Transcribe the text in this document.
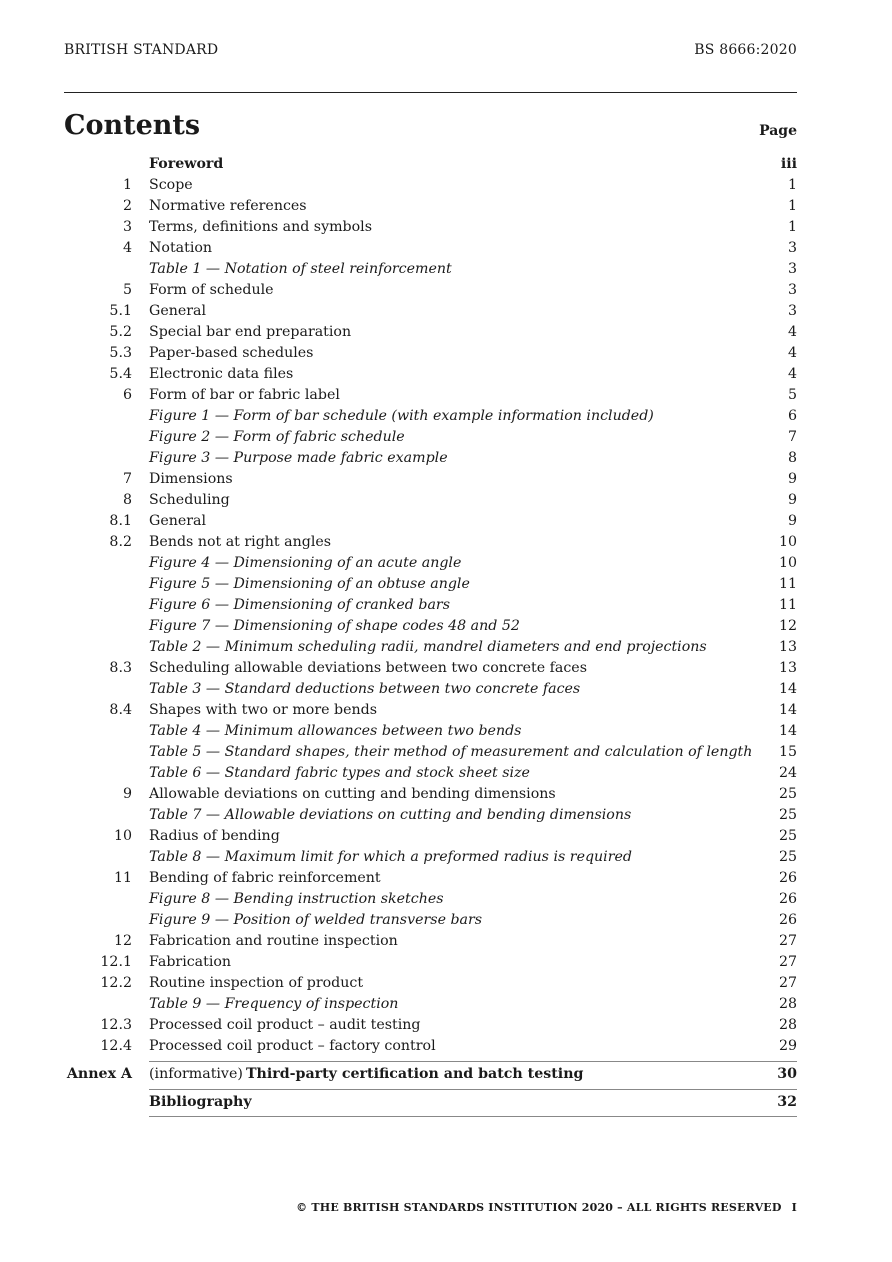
BRITISH STANDARD	BS 8666:2020
Contents	Page
Foreword	iii
1 Scope	1
2 Normative references	1
3 Terms, definitions and symbols	1
4 Notation	3
Table 1 — Notation of steel reinforcement	3
5 Form of schedule	3
5.1 General	3
5.2 Special bar end preparation	4
5.3 Paper-based schedules	4
5.4 Electronic data files	4
6 Form of bar or fabric label	5
Figure 1 — Form of bar schedule (with example information included)	6
Figure 2 — Form of fabric schedule	7
Figure 3 — Purpose made fabric example	8
7 Dimensions	9
8 Scheduling	9
8.1 General	9
8.2 Bends not at right angles	10
Figure 4 — Dimensioning of an acute angle	10
Figure 5 — Dimensioning of an obtuse angle	11
Figure 6 — Dimensioning of cranked bars	11
Figure 7 — Dimensioning of shape codes 48 and 52	12
Table 2 — Minimum scheduling radii, mandrel diameters and end projections	13
8.3 Scheduling allowable deviations between two concrete faces	13
Table 3 — Standard deductions between two concrete faces	14
8.4 Shapes with two or more bends	14
Table 4 — Minimum allowances between two bends	14
Table 5 — Standard shapes, their method of measurement and calculation of length 15
Table 6 — Standard fabric types and stock sheet size	24
9 Allowable deviations on cutting and bending dimensions	25
Table 7 — Allowable deviations on cutting and bending dimensions	25
10 Radius of bending	25
Table 8 — Maximum limit for which a preformed radius is required	25
11 Bending of fabric reinforcement	26
Figure 8 — Bending instruction sketches	26
Figure 9 — Position of welded transverse bars	26
12 Fabrication and routine inspection	27
12.1 Fabrication	27
12.2 Routine inspection of product	27
Table 9 — Frequency of inspection	28
12.3 Processed coil product – audit testing	28
12.4 Processed coil product – factory control	29
Annex A (informative) Third-party certification and batch testing	30
Bibliography	32
© THE BRITISH STANDARDS INSTITUTION 2020 – ALL RIGHTS RESERVED I
